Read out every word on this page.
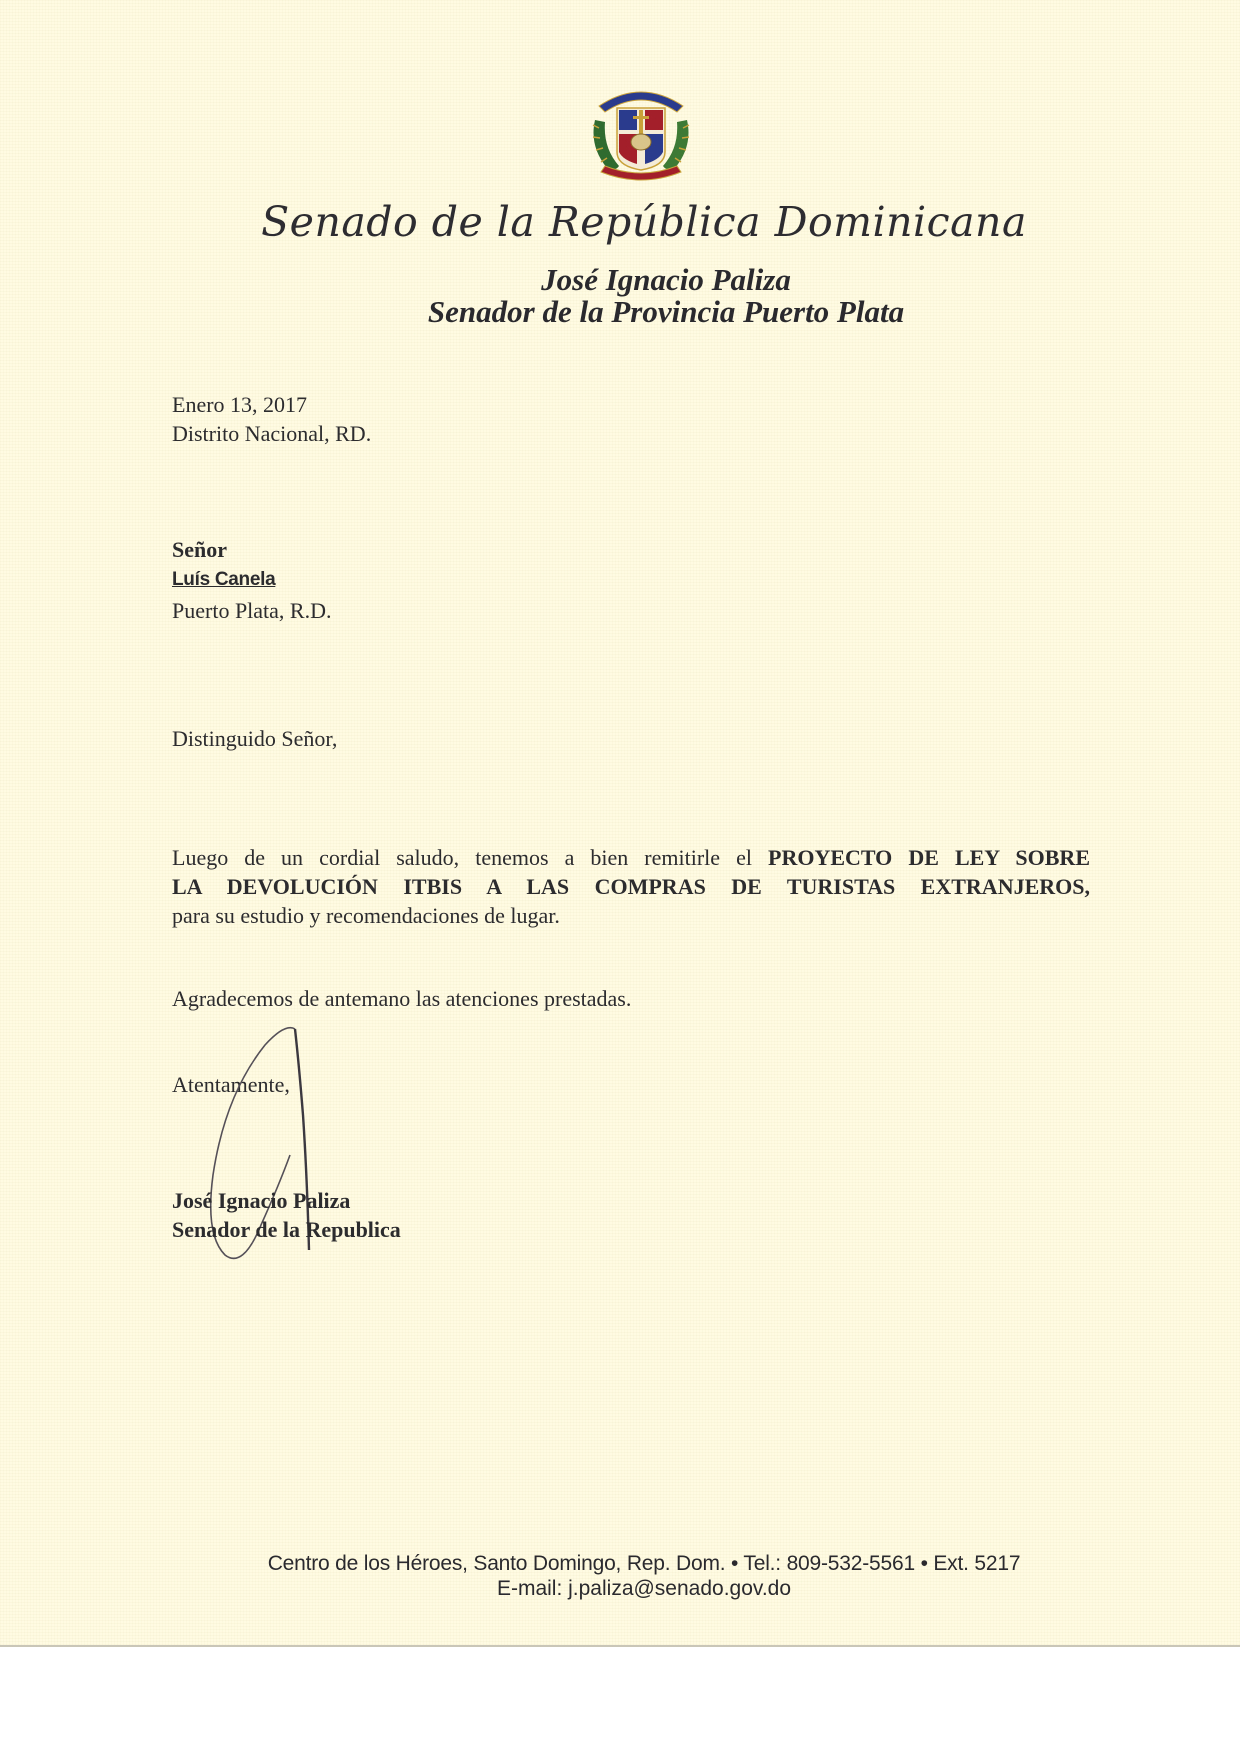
Senado de la República Dominicana
José Ignacio Paliza
Senador de la Provincia Puerto Plata
Enero 13, 2017
Distrito Nacional, RD.
Señor
Luís Canela
Puerto Plata, R.D.
Distinguido Señor,
Luego de un cordial saludo, tenemos a bien remitirle el PROYECTO DE LEY SOBRE
LA DEVOLUCIÓN ITBIS A LAS COMPRAS DE TURISTAS EXTRANJEROS,
para su estudio y recomendaciones de lugar.
Agradecemos de antemano las atenciones prestadas.
Atentamente,
José Ignacio Paliza
Senador de la Republica
Centro de los Héroes, Santo Domingo, Rep. Dom. • Tel.: 809-532-5561 • Ext. 5217
E-mail: j.paliza@senado.gov.do
